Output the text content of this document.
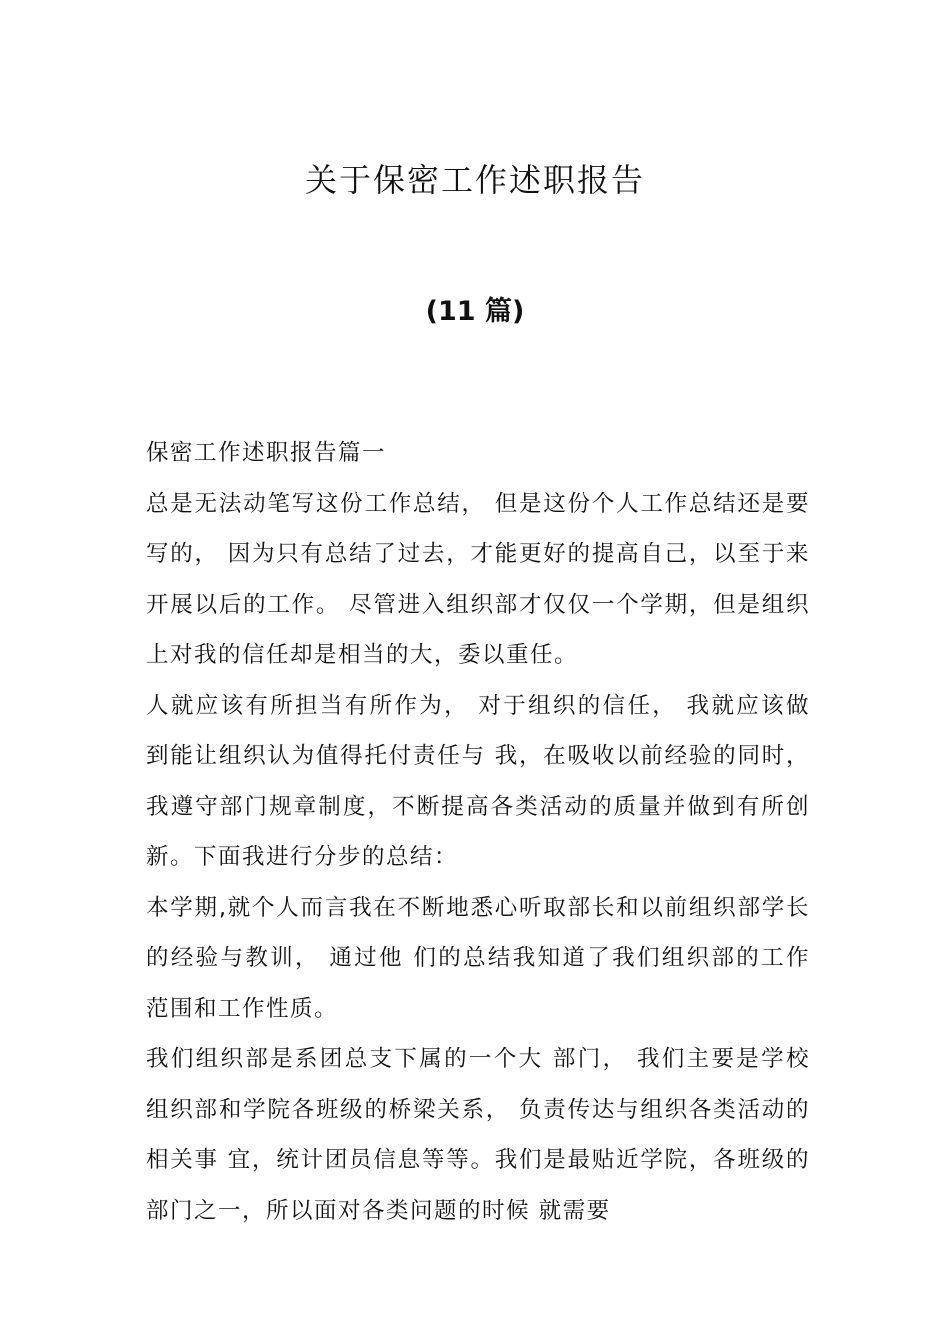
关于保密工作述职报告
(11 篇)

保密工作述职报告篇一

总是无法动笔写这份工作总结， 但是这份个人工作总结还是要写的， 因为只有总结了过去，才能更好的提高自己，以至于来开展以后的工作。 尽管进入组织部才仅仅一个学期，但是组织上对我的信任却是相当的大，委以重任。

人就应该有所担当有所作为， 对于组织的信任， 我就应该做到能让组织认为值得托付责任与 我，在吸收以前经验的同时，我遵守部门规章制度，不断提高各类活动的质量并做到有所创 新。下面我进行分步的总结：

本学期,就个人而言我在不断地悉心听取部长和以前组织部学长的经验与教训， 通过他 们的总结我知道了我们组织部的工作范围和工作性质。

我们组织部是系团总支下属的一个大 部门， 我们主要是学校组织部和学院各班级的桥梁关系， 负责传达与组织各类活动的相关事 宜，统计团员信息等等。我们是最贴近学院，各班级的部门之一，所以面对各类问题的时候 就需要
